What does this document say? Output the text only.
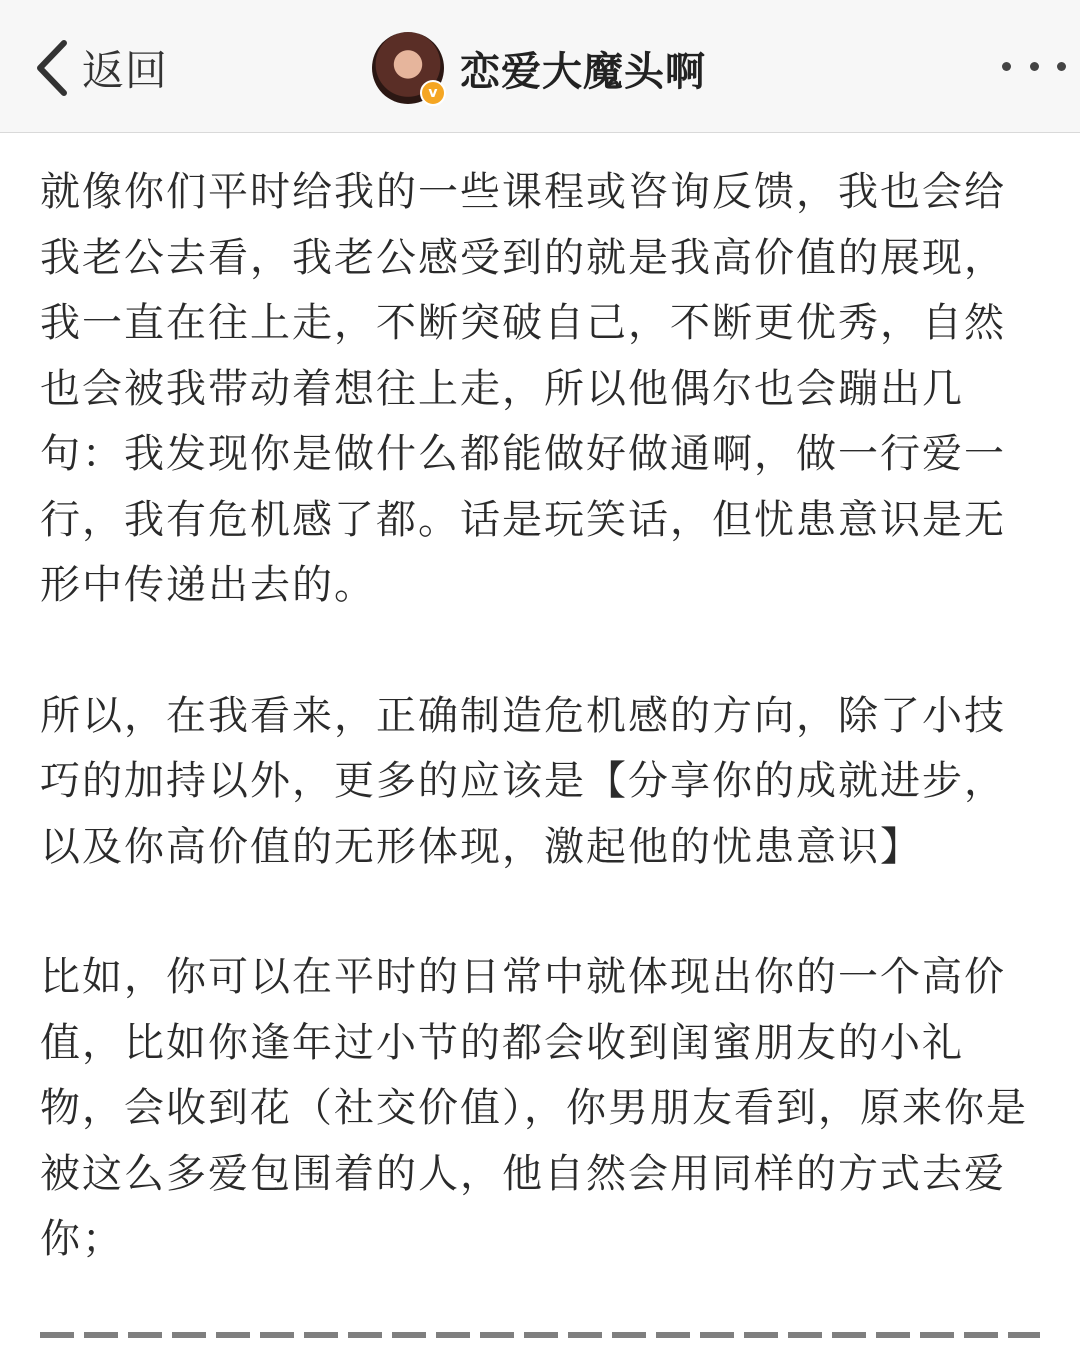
返回	v 恋爱大魔头啊

就像你们平时给我的一些课程或咨询反馈，我也会给我老公去看，我老公感受到的就是我高价值的展现，我一直在往上走，不断突破自己，不断更优秀，自然也会被我带动着想往上走，所以他偶尔也会蹦出几句：我发现你是做什么都能做好做通啊，做一行爱一行，我有危机感了都。话是玩笑话，但忧患意识是无形中传递出去的。

所以，在我看来，正确制造危机感的方向，除了小技巧的加持以外，更多的应该是【分享你的成就进步，以及你高价值的无形体现，激起他的忧患意识】

比如，你可以在平时的日常中就体现出你的一个高价值，比如你逢年过小节的都会收到闺蜜朋友的小礼物，会收到花（社交价值），你男朋友看到，原来你是被这么多爱包围着的人，他自然会用同样的方式去爱你；
